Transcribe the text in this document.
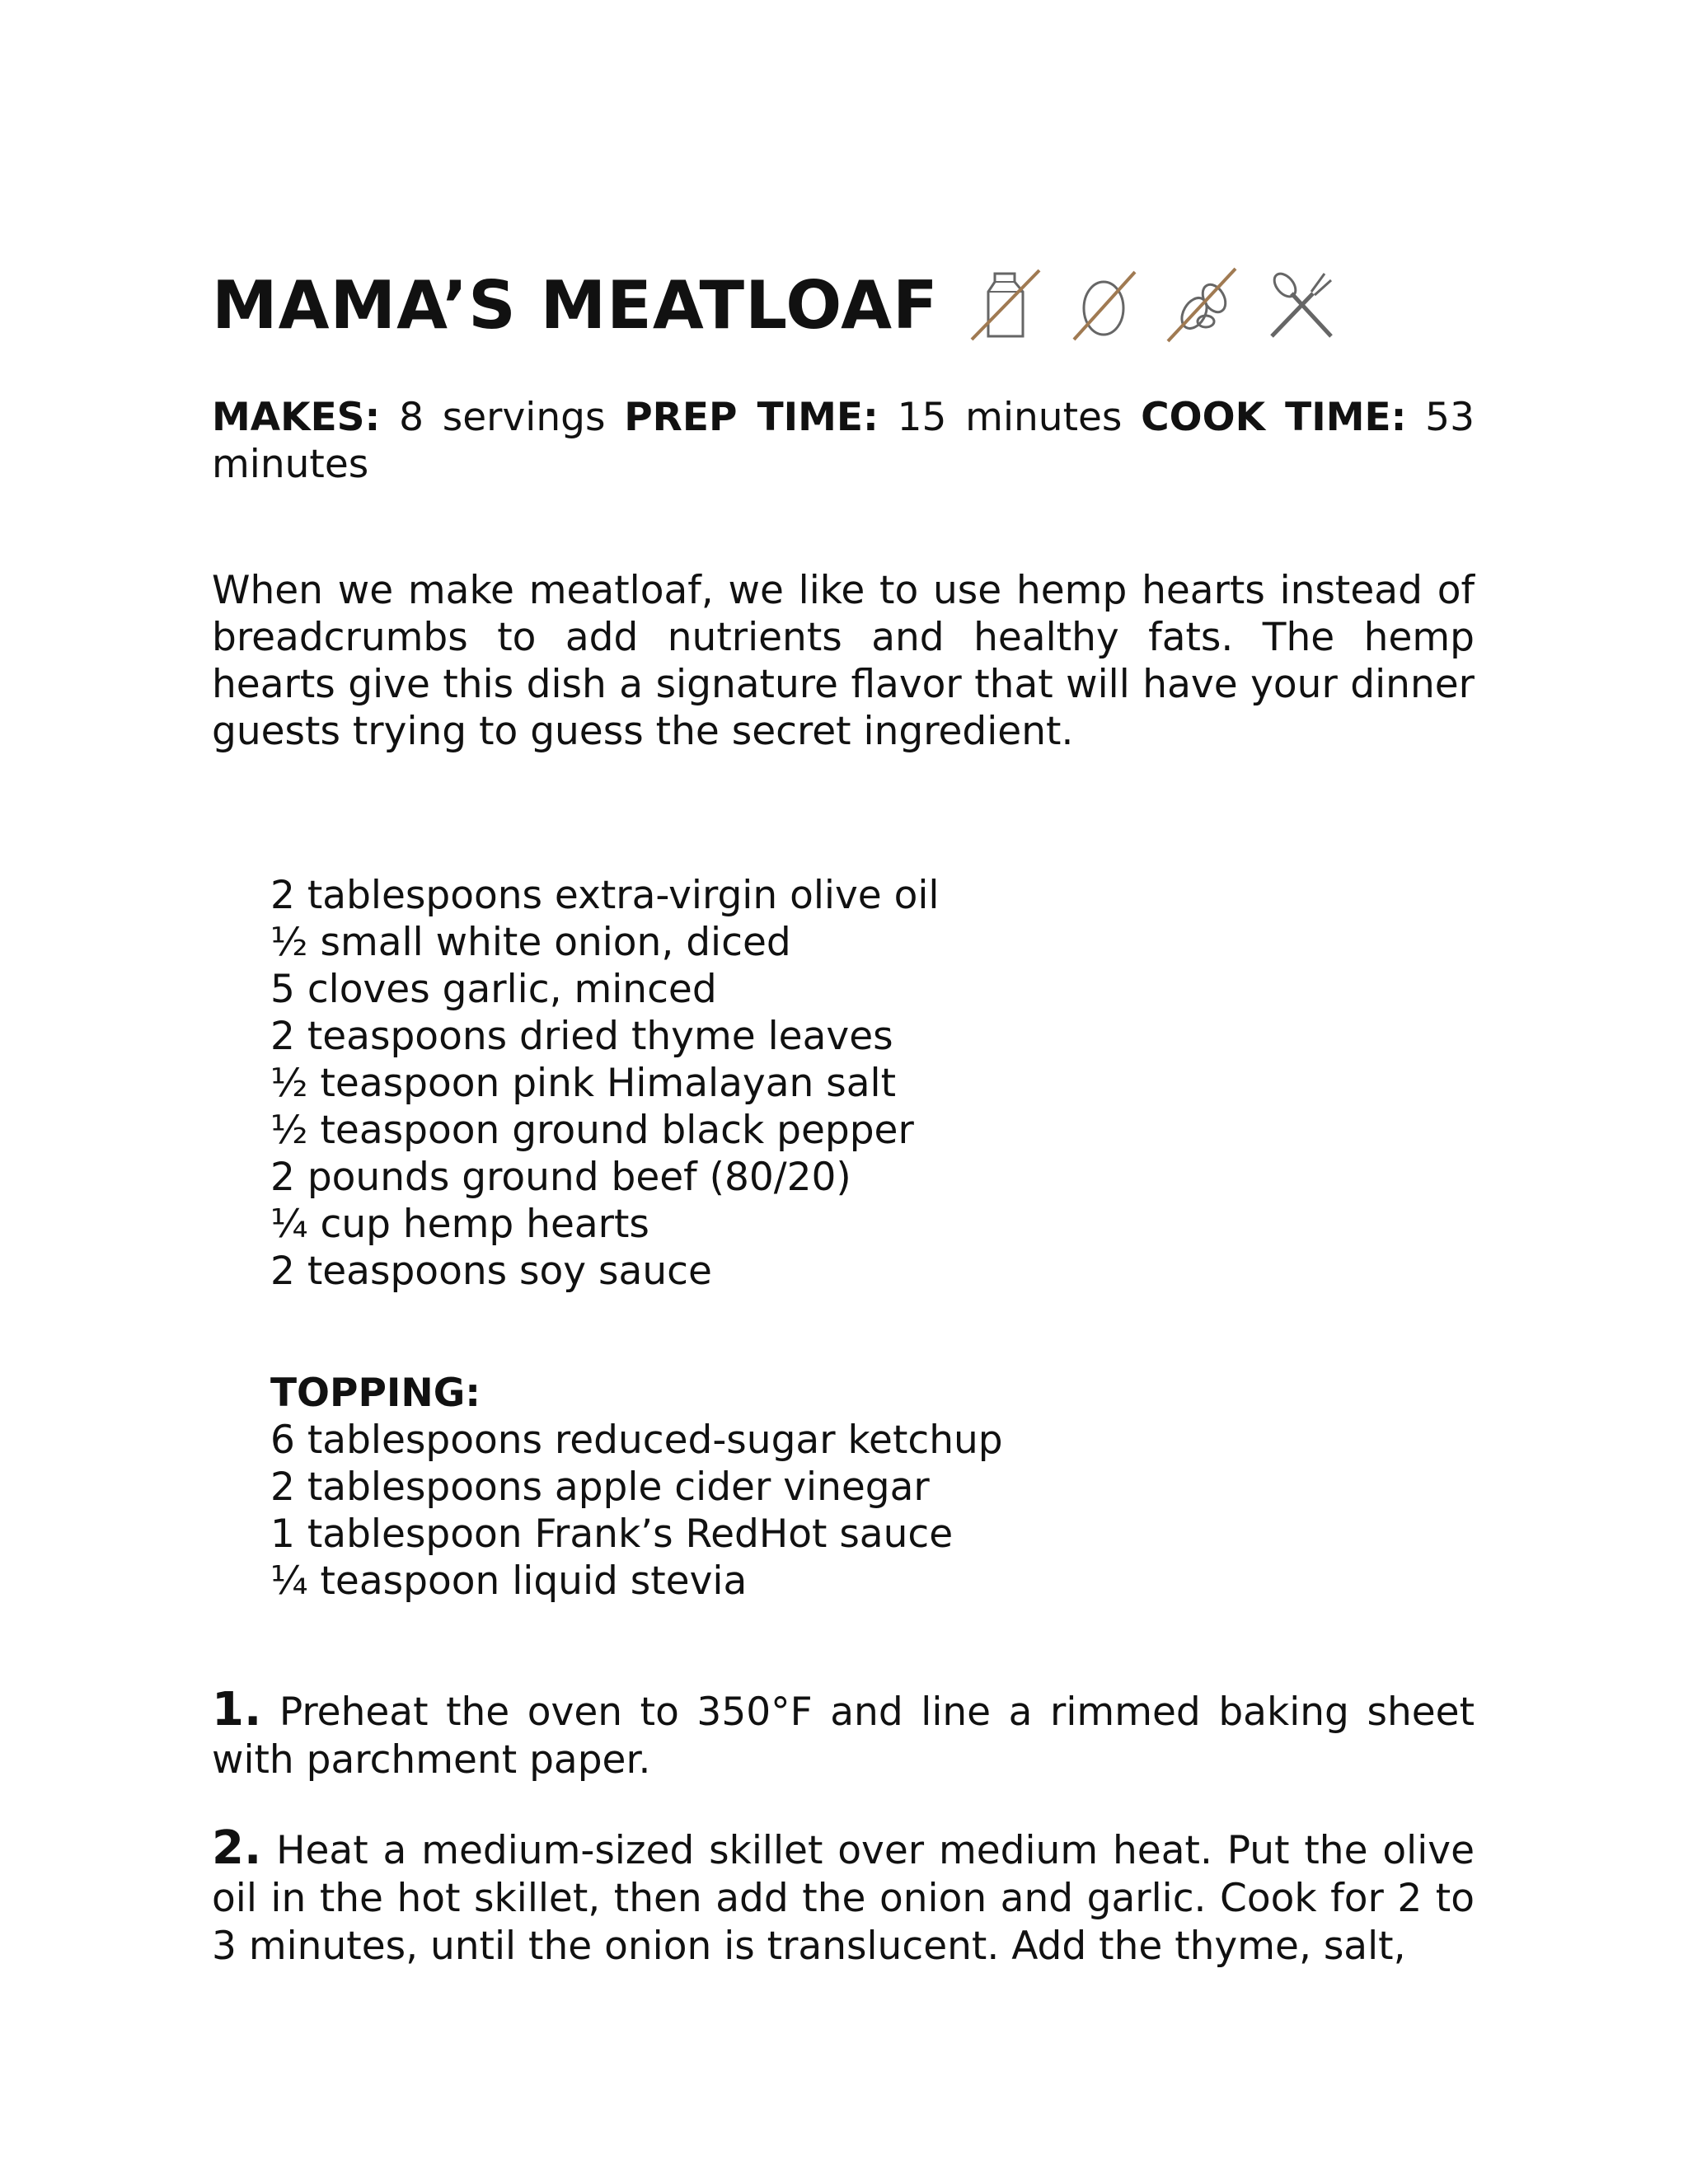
MAMA’S MEATLOAF
MAKES: 8 servings PREP TIME: 15 minutes COOK TIME: 53 minutes

When we make meatloaf, we like to use hemp hearts instead of breadcrumbs to add nutrients and healthy fats. The hemp hearts give this dish a signature flavor that will have your dinner guests trying to guess the secret ingredient.

2 tablespoons extra-virgin olive oil
½ small white onion, diced
5 cloves garlic, minced
2 teaspoons dried thyme leaves
½ teaspoon pink Himalayan salt
½ teaspoon ground black pepper
2 pounds ground beef (80/20)
¼ cup hemp hearts
2 teaspoons soy sauce
TOPPING:
6 tablespoons reduced-sugar ketchup
2 tablespoons apple cider vinegar
1 tablespoon Frank’s RedHot sauce
¼ teaspoon liquid stevia

1. Preheat the oven to 350°F and line a rimmed baking sheet with parchment paper.

2. Heat a medium-sized skillet over medium heat. Put the olive oil in the hot skillet, then add the onion and garlic. Cook for 2 to 3 minutes, until the onion is translucent. Add the thyme, salt,
